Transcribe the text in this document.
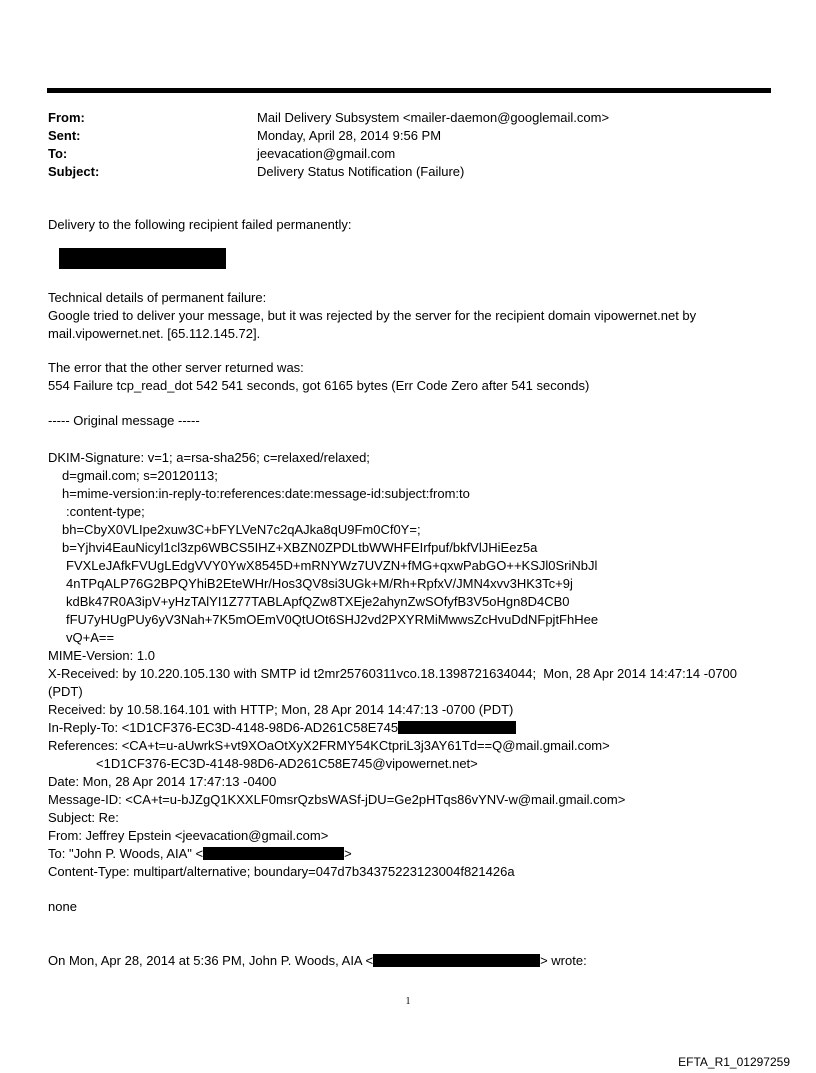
From:	Mail Delivery Subsystem <mailer-daemon@googlemail.com>
Sent:	Monday, April 28, 2014 9:56 PM
To:	jeevacation@gmail.com
Subject:	Delivery Status Notification (Failure)
Delivery to the following recipient failed permanently:
Technical details of permanent failure:
Google tried to deliver your message, but it was rejected by the server for the recipient domain vipowernet.net by
mail.vipowernet.net. [65.112.145.72].
The error that the other server returned was:
554 Failure tcp_read_dot 542 541 seconds, got 6165 bytes (Err Code Zero after 541 seconds)
----- Original message -----
DKIM-Signature: v=1; a=rsa-sha256; c=relaxed/relaxed;
d=gmail.com; s=20120113;
h=mime-version:in-reply-to:references:date:message-id:subject:from:to
:content-type;
bh=CbyX0VLIpe2xuw3C+bFYLVeN7c2qAJka8qU9Fm0Cf0Y=;
b=Yjhvi4EauNicyl1cl3zp6WBCS5IHZ+XBZN0ZPDLtbWWHFEIrfpuf/bkfVlJHiEez5a
FVXLeJAfkFVUgLEdgVVY0YwX8545D+mRNYWz7UVZN+fMG+qxwPabGO++KSJl0SriNbJl
4nTPqALP76G2BPQYhiB2EteWHr/Hos3QV8si3UGk+M/Rh+RpfxV/JMN4xvv3HK3Tc+9j
kdBk47R0A3ipV+yHzTAlYI1Z77TABLApfQZw8TXEje2ahynZwSOfyfB3V5oHgn8D4CB0
fFU7yHUgPUy6yV3Nah+7K5mOEmV0QtUOt6SHJ2vd2PXYRMiMwwsZcHvuDdNFpjtFhHee
vQ+A==
MIME-Version: 1.0
X-Received: by 10.220.105.130 with SMTP id t2mr25760311vco.18.1398721634044;  Mon, 28 Apr 2014 14:47:14 -0700
(PDT)
Received: by 10.58.164.101 with HTTP; Mon, 28 Apr 2014 14:47:13 -0700 (PDT)
In-Reply-To: <1D1CF376-EC3D-4148-98D6-AD261C58E745
References: <CA+t=u-aUwrkS+vt9XOaOtXyX2FRMY54KCtpriL3j3AY61Td==Q@mail.gmail.com>
<1D1CF376-EC3D-4148-98D6-AD261C58E745@vipowernet.net>
Date: Mon, 28 Apr 2014 17:47:13 -0400
Message-ID: <CA+t=u-bJZgQ1KXXLF0msrQzbsWASf-jDU=Ge2pHTqs86vYNV-w@mail.gmail.com>
Subject: Re:
From: Jeffrey Epstein <jeevacation@gmail.com>
To: "John P. Woods, AIA" <	>
Content-Type: multipart/alternative; boundary=047d7b34375223123004f821426a
none
On Mon, Apr 28, 2014 at 5:36 PM, John P. Woods, AIA <	> wrote:
1
EFTA_R1_01297259
